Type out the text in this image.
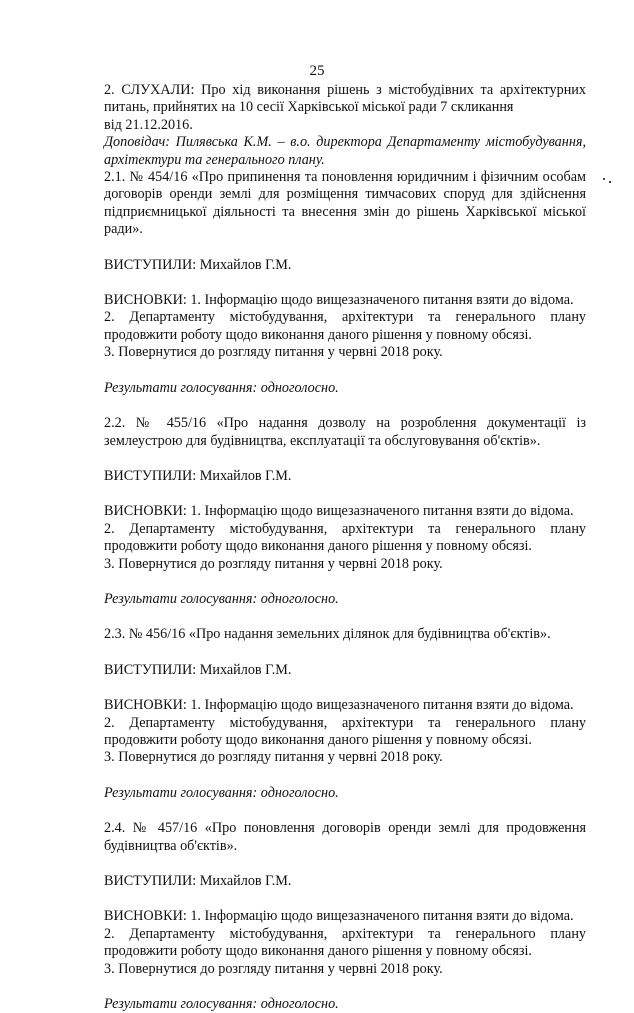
25

2. СЛУХАЛИ: Про хід виконання рішень з містобудівних та архітектурних

питань, прийнятих на 10 сесії Харківської міської ради 7 скликання

від 21.12.2016.

Доповідач: Пилявська К.М. – в.о. директора Департаменту містобудування,

архітектури та генерального плану.

2.1. № 454/16 «Про припинення та поновлення юридичним і фізичним особам

договорів оренди землі для розміщення тимчасових споруд для здійснення

підприємницької діяльності та внесення змін до рішень Харківської міської

ради».

ВИСТУПИЛИ: Михайлов Г.М.

ВИСНОВКИ: 1. Інформацію щодо вищезазначеного питання взяти до відома.

2. Департаменту містобудування, архітектури та генерального плану

продовжити роботу щодо виконання даного рішення у повному обсязі.

3. Повернутися до розгляду питання у червні 2018 року.

Результати голосування: одноголосно.

2.2. № 455/16 «Про надання дозволу на розроблення документації із

землеустрою для будівництва, експлуатації та обслуговування об'єктів».

ВИСТУПИЛИ: Михайлов Г.М.

ВИСНОВКИ: 1. Інформацію щодо вищезазначеного питання взяти до відома.

2. Департаменту містобудування, архітектури та генерального плану

продовжити роботу щодо виконання даного рішення у повному обсязі.

3. Повернутися до розгляду питання у червні 2018 року.

Результати голосування: одноголосно.

2.3. № 456/16 «Про надання земельних ділянок для будівництва об'єктів».

ВИСТУПИЛИ: Михайлов Г.М.

ВИСНОВКИ: 1. Інформацію щодо вищезазначеного питання взяти до відома.

2. Департаменту містобудування, архітектури та генерального плану

продовжити роботу щодо виконання даного рішення у повному обсязі.

3. Повернутися до розгляду питання у червні 2018 року.

Результати голосування: одноголосно.

2.4. № 457/16 «Про поновлення договорів оренди землі для продовження

будівництва об'єктів».

ВИСТУПИЛИ: Михайлов Г.М.

ВИСНОВКИ: 1. Інформацію щодо вищезазначеного питання взяти до відома.

2. Департаменту містобудування, архітектури та генерального плану

продовжити роботу щодо виконання даного рішення у повному обсязі.

3. Повернутися до розгляду питання у червні 2018 року.

Результати голосування: одноголосно.
